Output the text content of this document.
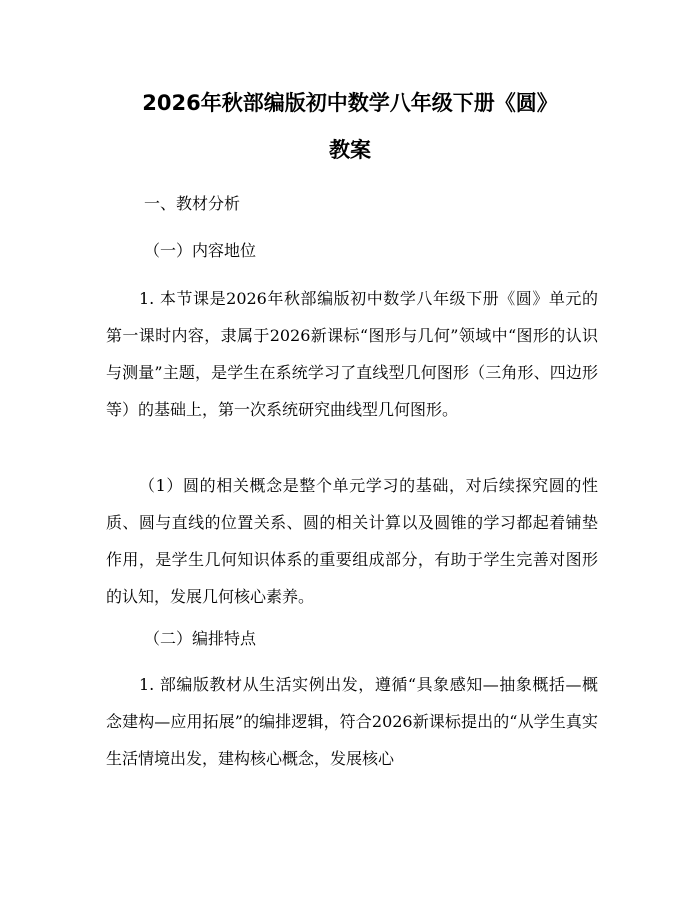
2026年秋部编版初中数学八年级下册《圆》
教案
一、教材分析
（一）内容地位
1. 本节课是2026年秋部编版初中数学八年级下册《圆》单元的第一课时内容，隶属于2026新课标“图形与几何”领域中“图形的认识与测量”主题，是学生在系统学习了直线型几何图形（三角形、四边形等）的基础上，第一次系统研究曲线型几何图形。
（1）圆的相关概念是整个单元学习的基础，对后续探究圆的性质、圆与直线的位置关系、圆的相关计算以及圆锥的学习都起着铺垫作用，是学生几何知识体系的重要组成部分，有助于学生完善对图形的认知，发展几何核心素养。
（二）编排特点
1. 部编版教材从生活实例出发，遵循“具象感知—抽象概括—概念建构—应用拓展”的编排逻辑，符合2026新课标提出的“从学生真实生活情境出发，建构核心概念，发展核心
